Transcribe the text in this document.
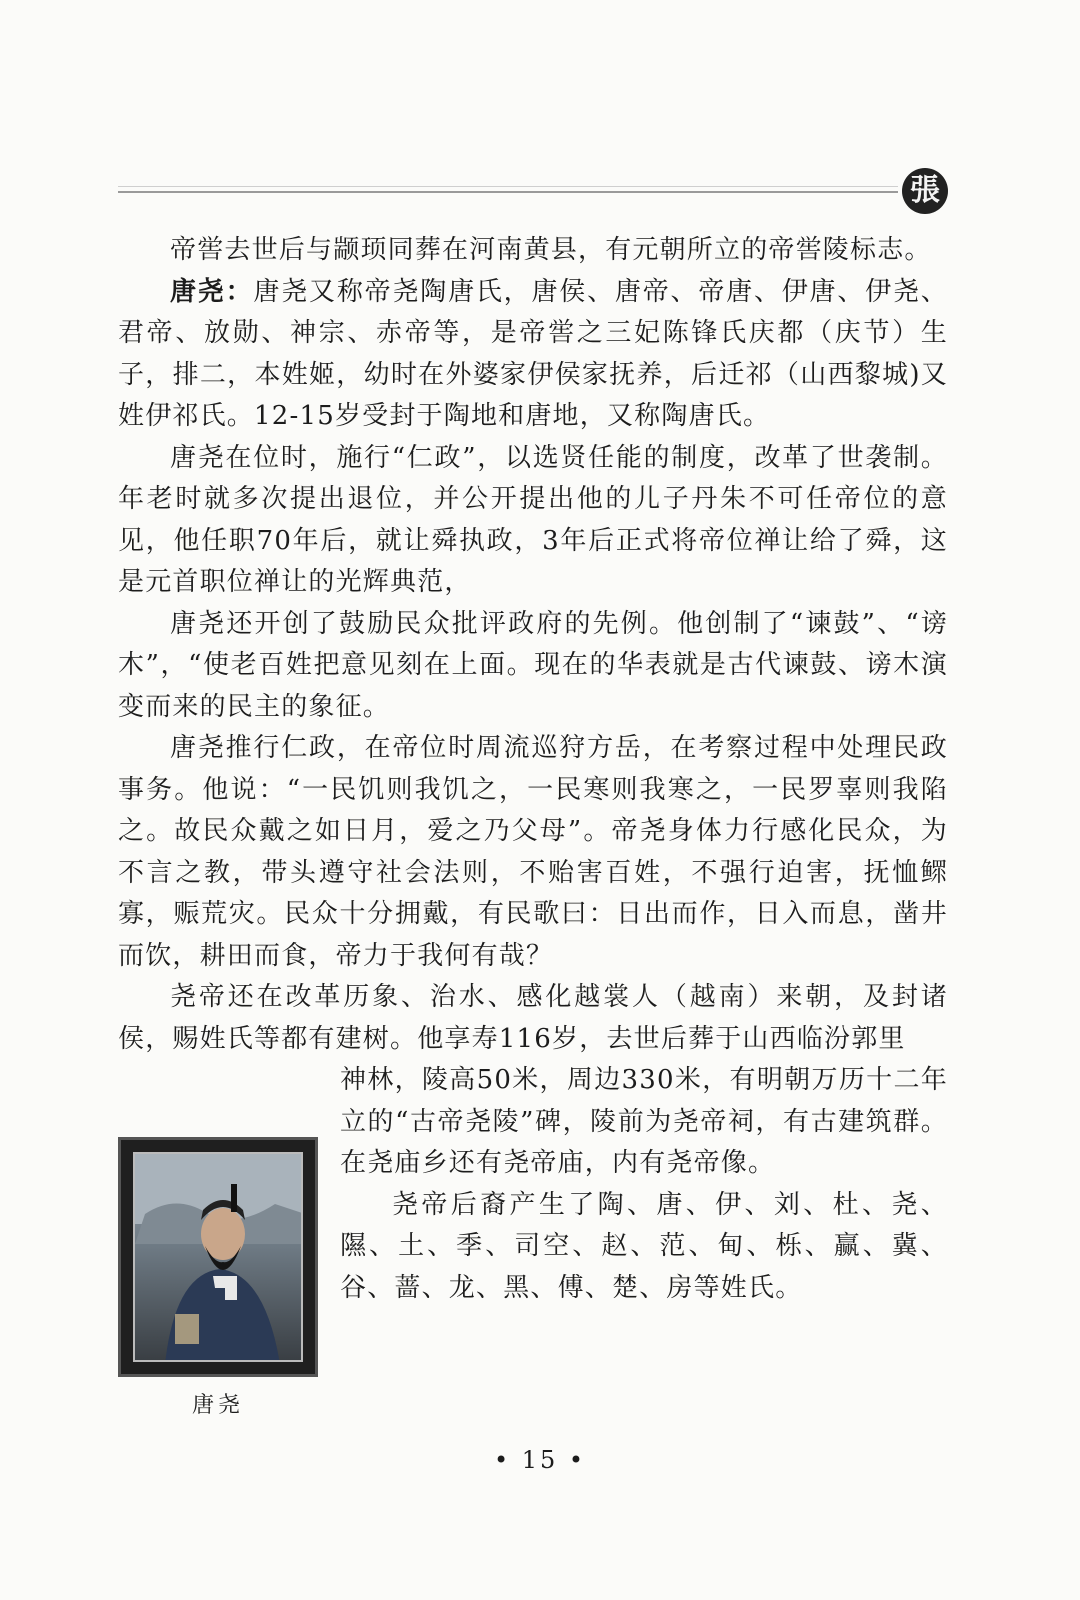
張

帝喾去世后与颛顼同葬在河南黄县，有元朝所立的帝喾陵标志。

唐尧：唐尧又称帝尧陶唐氏，唐侯、唐帝、帝唐、伊唐、伊尧、君帝、放勋、神宗、赤帝等，是帝喾之三妃陈锋氏庆都（庆节）生子，排二，本姓姬，幼时在外婆家伊侯家抚养，后迁祁（山西黎城)又姓伊祁氏。12-15岁受封于陶地和唐地，又称陶唐氏。

唐尧在位时，施行“仁政”，以选贤任能的制度，改革了世袭制。年老时就多次提出退位，并公开提出他的儿子丹朱不可任帝位的意见，他任职70年后，就让舜执政，3年后正式将帝位禅让给了舜，这是元首职位禅让的光辉典范，

唐尧还开创了鼓励民众批评政府的先例。他创制了“谏鼓”、“谤木”，“使老百姓把意见刻在上面。现在的华表就是古代谏鼓、谤木演变而来的民主的象征。

唐尧推行仁政，在帝位时周流巡狩方岳，在考察过程中处理民政事务。他说：“一民饥则我饥之，一民寒则我寒之，一民罗辜则我陷之。故民众戴之如日月，爱之乃父母”。帝尧身体力行感化民众，为不言之教，带头遵守社会法则，不贻害百姓，不强行迫害，抚恤鳏寡，赈荒灾。民众十分拥戴，有民歌曰：日出而作，日入而息，凿井而饮，耕田而食，帝力于我何有哉？

尧帝还在改革历象、治水、感化越裳人（越南）来朝，及封诸侯，赐姓氏等都有建树。他享寿116岁，去世后葬于山西临汾郭里

神林，陵高50米，周边330米，有明朝万历十二年立的“古帝尧陵”碑，陵前为尧帝祠，有古建筑群。在尧庙乡还有尧帝庙，内有尧帝像。

尧帝后裔产生了陶、唐、伊、刘、杜、尧、隰、土、季、司空、赵、范、甸、栎、赢、冀、谷、蔷、龙、黑、傅、楚、房等姓氏。

唐尧
• 15 •
